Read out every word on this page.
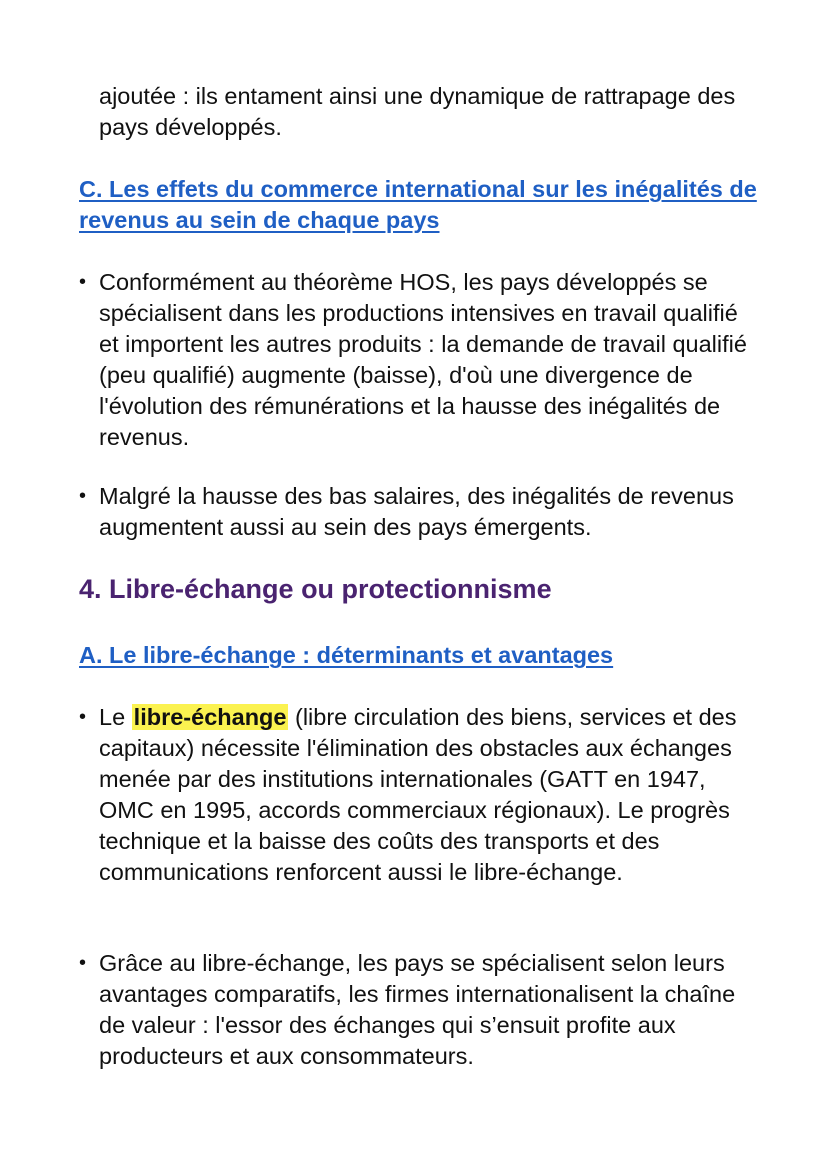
ajoutée : ils entament ainsi une dynamique de rattrapage des pays développés.
C. Les effets du commerce international sur les inégalités de revenus au sein de chaque pays
• Conformément au théorème HOS, les pays développés se spécialisent dans les productions intensives en travail qualifié et importent les autres produits : la demande de travail qualifié (peu qualifié) augmente (baisse), d'où une divergence de l'évolution des rémunérations et la hausse des inégalités de revenus.
• Malgré la hausse des bas salaires, des inégalités de revenus augmentent aussi au sein des pays émergents.
4. Libre-échange ou protectionnisme
A. Le libre-échange : déterminants et avantages
• Le libre-échange (libre circulation des biens, services et des capitaux) nécessite l'élimination des obstacles aux échanges menée par des institutions internationales (GATT en 1947, OMC en 1995, accords commerciaux régionaux). Le progrès technique et la baisse des coûts des transports et des communications renforcent aussi le libre-échange.
• Grâce au libre-échange, les pays se spécialisent selon leurs avantages comparatifs, les firmes internationalisent la chaîne de valeur : l'essor des échanges qui s’ensuit profite aux producteurs et aux consommateurs.
